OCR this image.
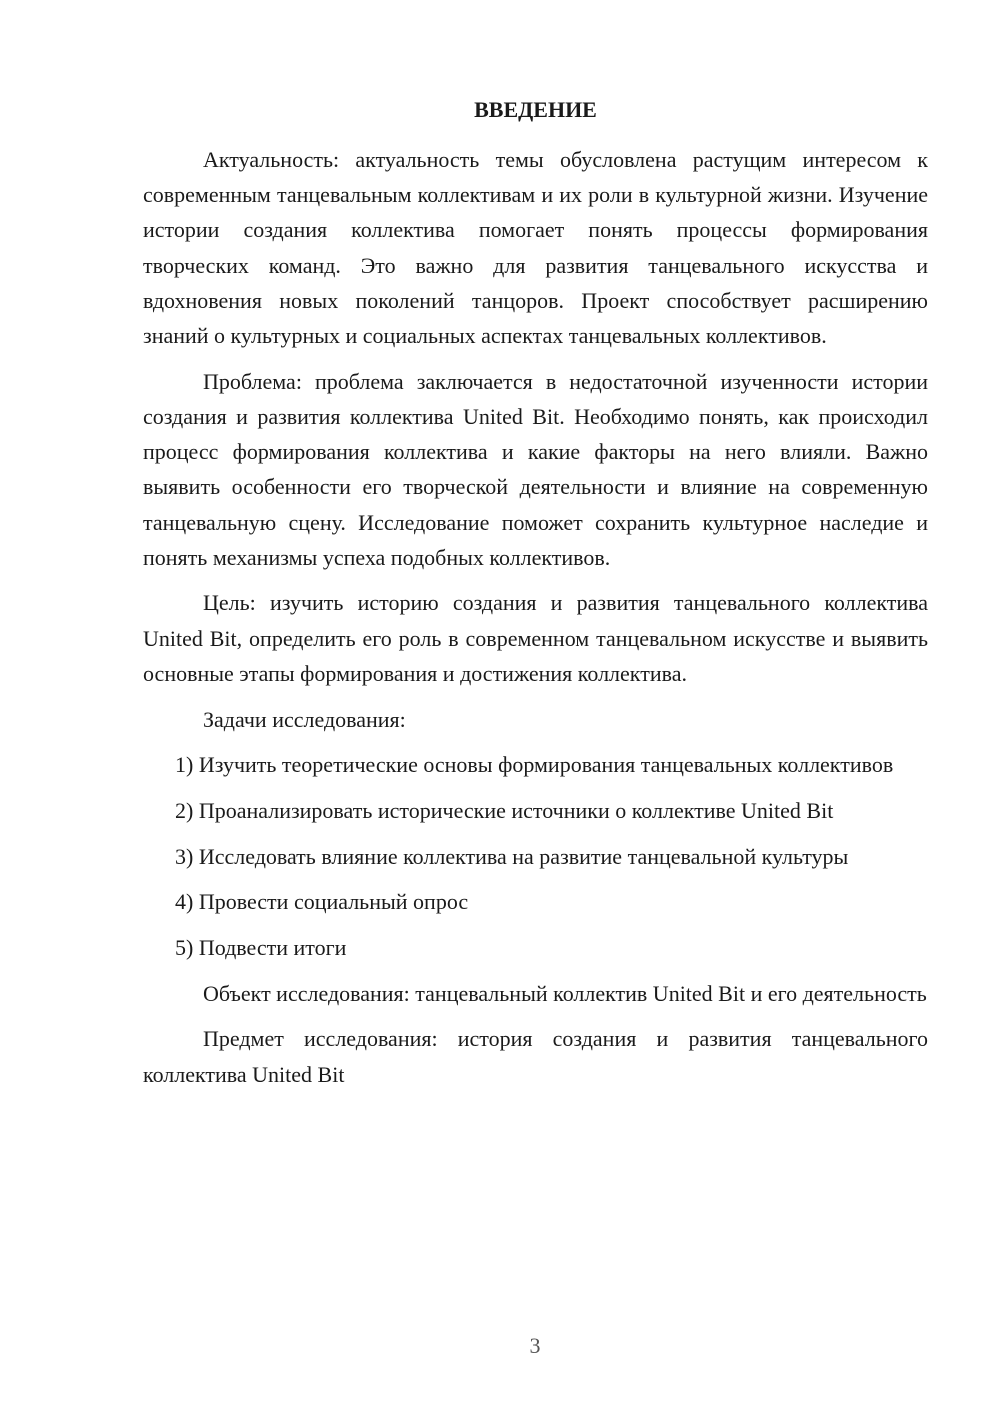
ВВЕДЕНИЕ

Актуальность: актуальность темы обусловлена растущим интересом к современным танцевальным коллективам и их роли в культурной жизни. Изучение истории создания коллектива помогает понять процессы формирования творческих команд. Это важно для развития танцевального искусства и вдохновения новых поколений танцоров. Проект способствует расширению знаний о культурных и социальных аспектах танцевальных коллективов.

Проблема: проблема заключается в недостаточной изученности истории создания и развития коллектива United Bit. Необходимо понять, как происходил процесс формирования коллектива и какие факторы на него влияли. Важно выявить особенности его творческой деятельности и влияние на современную танцевальную сцену. Исследование поможет сохранить культурное наследие и понять механизмы успеха подобных коллективов.

Цель: изучить историю создания и развития танцевального коллектива United Bit, определить его роль в современном танцевальном искусстве и выявить основные этапы формирования и достижения коллектива.

Задачи исследования:

1) Изучить теоретические основы формирования танцевальных коллективов

2) Проанализировать исторические источники о коллективе United Bit

3) Исследовать влияние коллектива на развитие танцевальной культуры

4) Провести социальный опрос

5) Подвести итоги

Объект исследования: танцевальный коллектив United Bit и его деятельность

Предмет исследования: история создания и развития танцевального коллектива United Bit

3
